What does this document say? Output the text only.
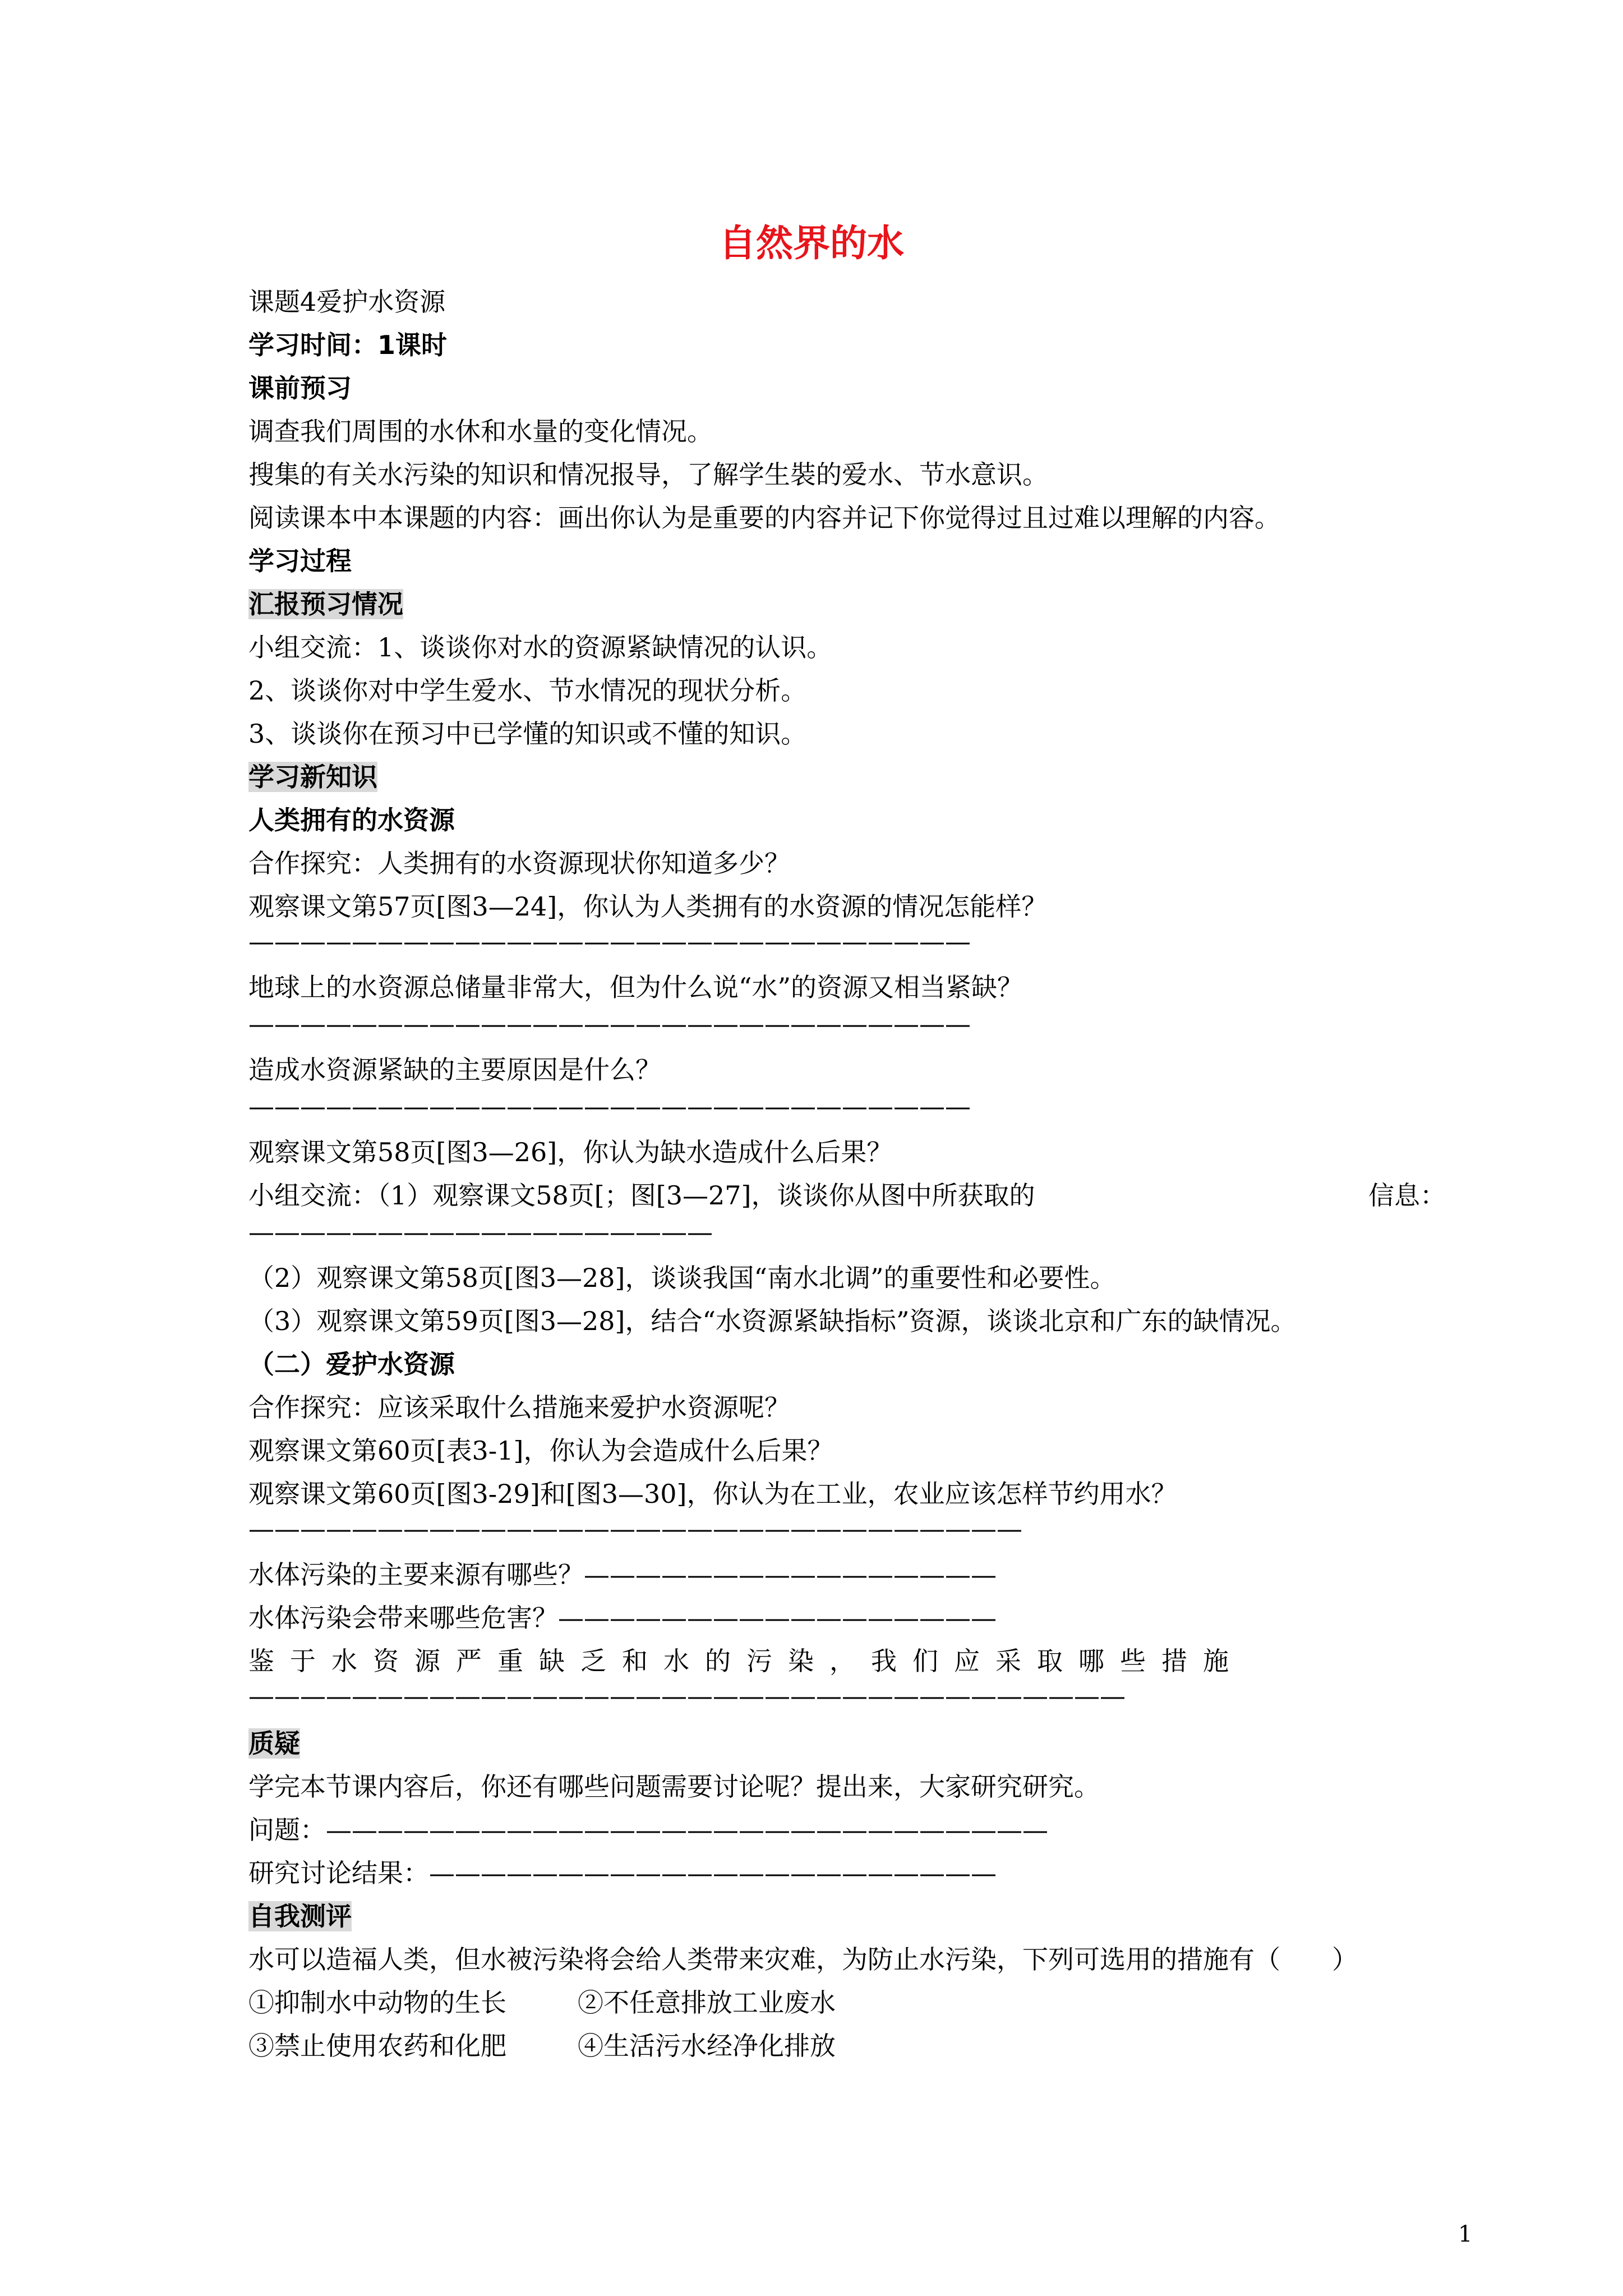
自然界的水
课题4爱护水资源
学习时间：1课时
课前预习
调查我们周围的水休和水量的变化情况。
搜集的有关水污染的知识和情况报导，了解学生裝的爱水、节水意识。
阅读课本中本课题的内容：画出你认为是重要的内容并记下你觉得过且过难以理解的内容。
学习过程
汇报预习情况
小组交流：1、谈谈你对水的资源紧缺情况的认识。
2、谈谈你对中学生爱水、节水情况的现状分析。
3、谈谈你在预习中已学懂的知识或不懂的知识。
学习新知识
人类拥有的水资源
合作探究：人类拥有的水资源现状你知道多少？
观察课文第57页[图3—24]，你认为人类拥有的水资源的情况怎能样？
————————————————————————————
地球上的水资源总储量非常大，但为什么说“水”的资源又相当紧缺？
————————————————————————————
造成水资源紧缺的主要原因是什么？
————————————————————————————
观察课文第58页[图3—26]，你认为缺水造成什么后果？
小组交流：（1）观察课文58页[；图[3—27]，谈谈你从图中所获取的	信息：
——————————————————
（2）观察课文第58页[图3—28]，谈谈我国“南水北调”的重要性和必要性。
（3）观察课文第59页[图3—28]，结合“水资源紧缺指标”资源，谈谈北京和广东的缺情况。
（二）爱护水资源
合作探究：应该采取什么措施来爱护水资源呢？
观察课文第60页[表3-1]，你认为会造成什么后果？
观察课文第60页[图3-29]和[图3—30]，你认为在工业，农业应该怎样节约用水？
——————————————————————————————
水体污染的主要来源有哪些？————————————————
水体污染会带来哪些危害？—————————————————
鉴于水资源严重缺乏和水的污染，我们应采取哪些措施
——————————————————————————————————
质疑
学完本节课内容后，你还有哪些问题需要讨论呢？提出来，大家研究研究。
问题：————————————————————————————
研究讨论结果：——————————————————————
自我测评
水可以造福人类，但水被污染将会给人类带来灾难，为防止水污染，下列可选用的措施有（　　）
①抑制水中动物的生长	②不任意排放工业废水
③禁止使用农药和化肥	④生活污水经净化排放
1
